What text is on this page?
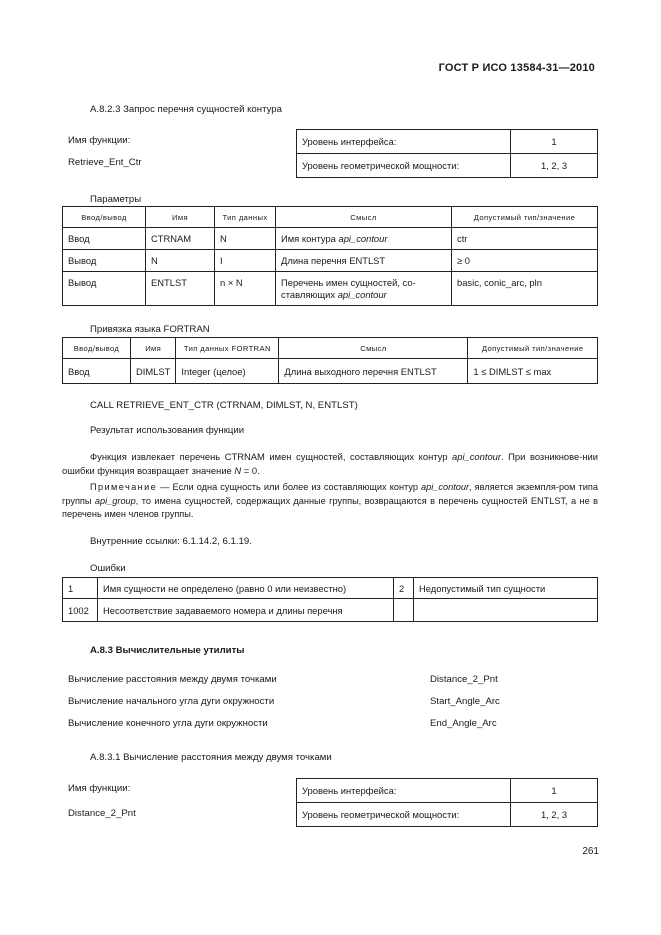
ГОСТ Р ИСО 13584-31—2010
А.8.2.3 Запрос перечня сущностей контура
Имя функции:
Retrieve_Ent_Ctr
Уровень интерфейса:	1
Уровень геометрической мощности:	1, 2, 3
Параметры
Ввод/вывод	Имя	Тип данных	Смысл	Допустимый тип/значение
Ввод	CTRNAM	N	Имя контура api_contour	ctr
Вывод	N	I	Длина перечня ENTLST	≥ 0
Вывод	ENTLST	n × N	Перечень имен сущностей, со-ставляющих api_contour	basic, conic_arc, pln
Привязка языка FORTRAN
Ввод/вывод	Имя	Тип данных FORTRAN	Смысл	Допустимый тип/значение
Ввод	DIMLST	Integer (целое)	Длина выходного перечня ENTLST	1 ≤ DIMLST ≤ max
CALL RETRIEVE_ENT_CTR (CTRNAM, DIMLST, N, ENTLST)
Результат использования функции
Функция извлекает перечень CTRNAM имен сущностей, составляющих контур api_contour. При возникнове-нии ошибки функция возвращает значение N = 0.
Примечание — Если одна сущность или более из составляющих контур api_contour, является экземпля-ром типа группы api_group, то имена сущностей, содержащих данные группы, возвращаются в перечень сущностей ENTLST, а не в перечень имен членов группы.
Внутренние ссылки: 6.1.14.2, 6.1.19.
Ошибки
1	Имя сущности не определено (равно 0 или неизвестно)	2	Недопустимый тип сущности
1002	Несоответствие задаваемого номера и длины перечня		
А.8.3 Вычислительные утилиты
Вычисление расстояния между двумя точками	Distance_2_Pnt
Вычисление начального угла дуги окружности	Start_Angle_Arc
Вычисление конечного угла дуги окружности	End_Angle_Arc
А.8.3.1 Вычисление расстояния между двумя точками
Имя функции:
Distance_2_Pnt
Уровень интерфейса:	1
Уровень геометрической мощности:	1, 2, 3
261
